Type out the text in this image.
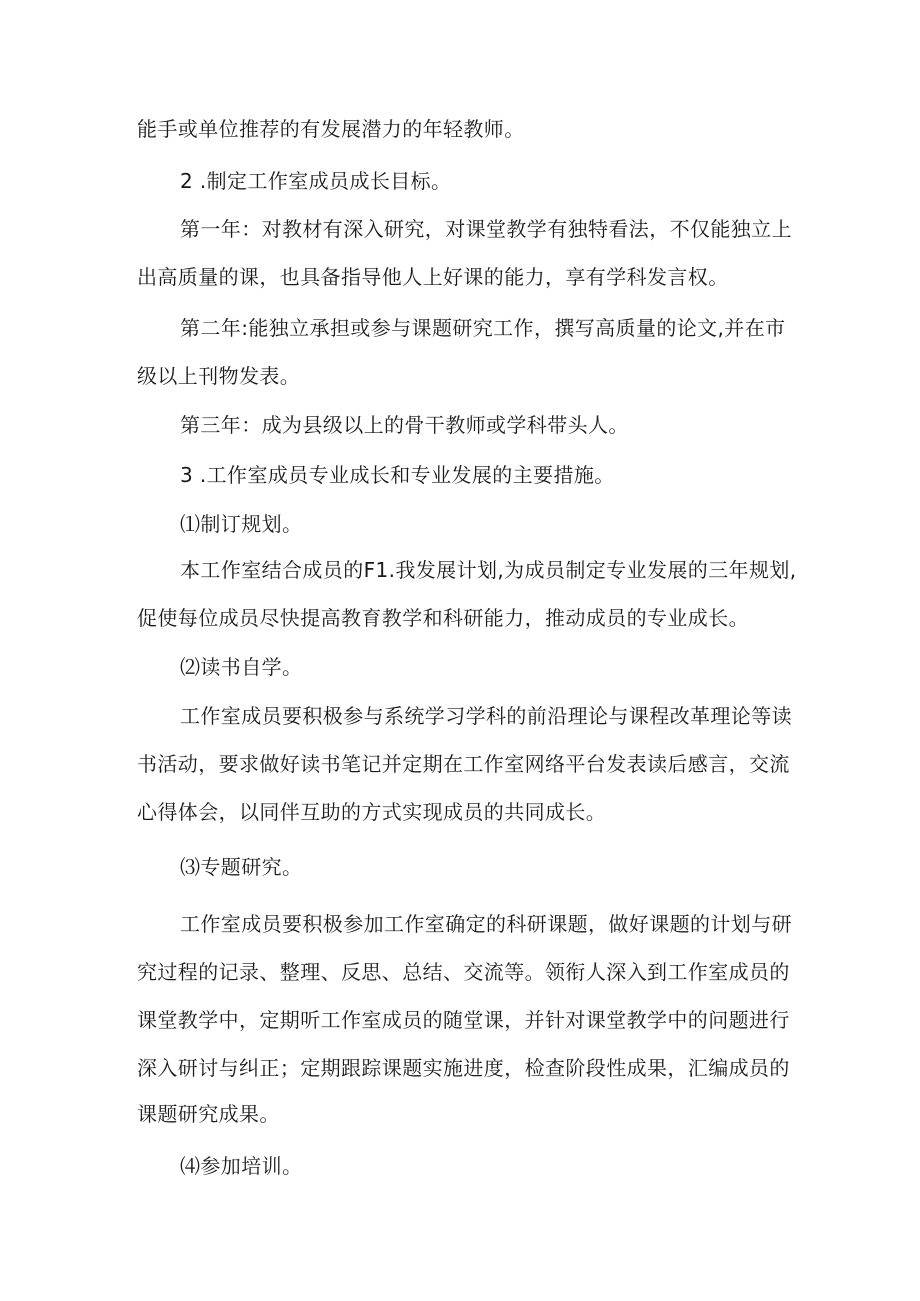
能手或单位推荐的有发展潜力的年轻教师。
2 .制定工作室成员成长目标。
第一年：对教材有深入研究，对课堂教学有独特看法，不仅能独立上
出高质量的课，也具备指导他人上好课的能力，享有学科发言权。
第二年:能独立承担或参与课题研究工作，撰写高质量的论文,并在市
级以上刊物发表。
第三年：成为县级以上的骨干教师或学科带头人。
3 .工作室成员专业成长和专业发展的主要措施。
⑴制订规划。
本工作室结合成员的F1.我发展计划,为成员制定专业发展的三年规划,
促使每位成员尽快提高教育教学和科研能力，推动成员的专业成长。
⑵读书自学。
工作室成员要积极参与系统学习学科的前沿理论与课程改革理论等读
书活动，要求做好读书笔记并定期在工作室网络平台发表读后感言，交流
心得体会，以同伴互助的方式实现成员的共同成长。
⑶专题研究。
工作室成员要积极参加工作室确定的科研课题，做好课题的计划与研
究过程的记录、整理、反思、总结、交流等。领衔人深入到工作室成员的
课堂教学中，定期听工作室成员的随堂课，并针对课堂教学中的问题进行
深入研讨与纠正；定期跟踪课题实施进度，检查阶段性成果，汇编成员的
课题研究成果。
⑷参加培训。
